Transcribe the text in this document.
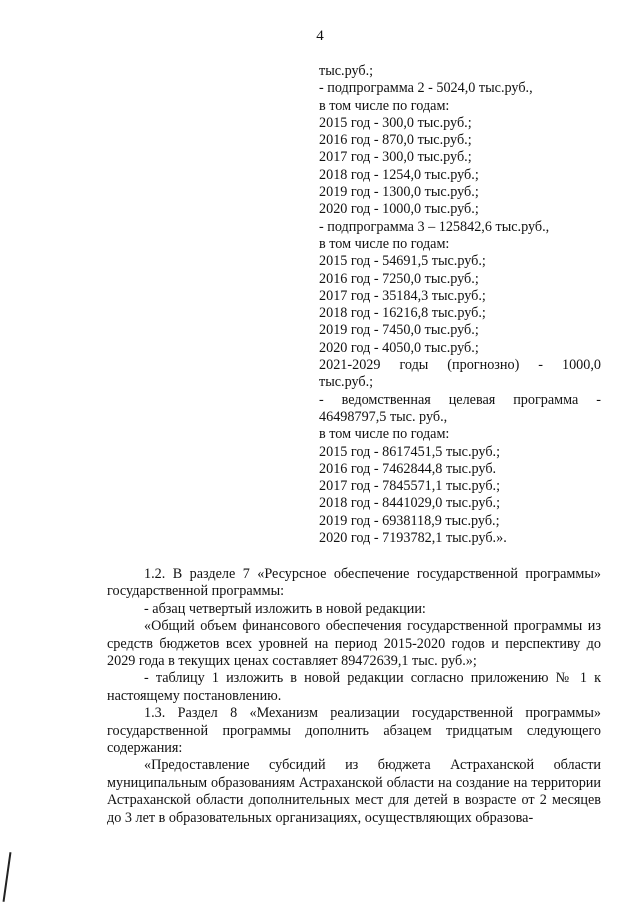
4
тыс.руб.;
- подпрограмма 2 - 5024,0 тыс.руб.,
в том числе по годам:
2015 год - 300,0 тыс.руб.;
2016 год - 870,0 тыс.руб.;
2017 год - 300,0 тыс.руб.;
2018 год - 1254,0 тыс.руб.;
2019 год - 1300,0 тыс.руб.;
2020 год - 1000,0 тыс.руб.;
- подпрограмма 3 – 125842,6 тыс.руб.,
в том числе по годам:
2015 год - 54691,5 тыс.руб.;
2016 год - 7250,0 тыс.руб.;
2017 год - 35184,3 тыс.руб.;
2018 год - 16216,8 тыс.руб.;
2019 год - 7450,0 тыс.руб.;
2020 год - 4050,0 тыс.руб.;
2021-2029 годы (прогнозно) - 1000,0
тыс.руб.;
- ведомственная целевая программа -
46498797,5 тыс. руб.,
в том числе по годам:
2015 год - 8617451,5 тыс.руб.;
2016 год - 7462844,8 тыс.руб.
2017 год - 7845571,1 тыс.руб.;
2018 год - 8441029,0 тыс.руб.;
2019 год - 6938118,9 тыс.руб.;
2020 год - 7193782,1 тыс.руб.».
1.2. В разделе 7 «Ресурсное обеспечение государственной программы» государственной программы:
- абзац четвертый изложить в новой редакции:
«Общий объем финансового обеспечения государственной программы из средств бюджетов всех уровней на период 2015-2020 годов и перспективу до 2029 года в текущих ценах составляет 89472639,1 тыс. руб.»;
- таблицу 1 изложить в новой редакции согласно приложению № 1 к настоящему постановлению.
1.3. Раздел 8 «Механизм реализации государственной программы» государственной программы дополнить абзацем тридцатым следующего содержания:
«Предоставление субсидий из бюджета Астраханской области муниципальным образованиям Астраханской области на создание на территории Астраханской области дополнительных мест для детей в возрасте от 2 месяцев до 3 лет в образовательных организациях, осуществляющих образова-
